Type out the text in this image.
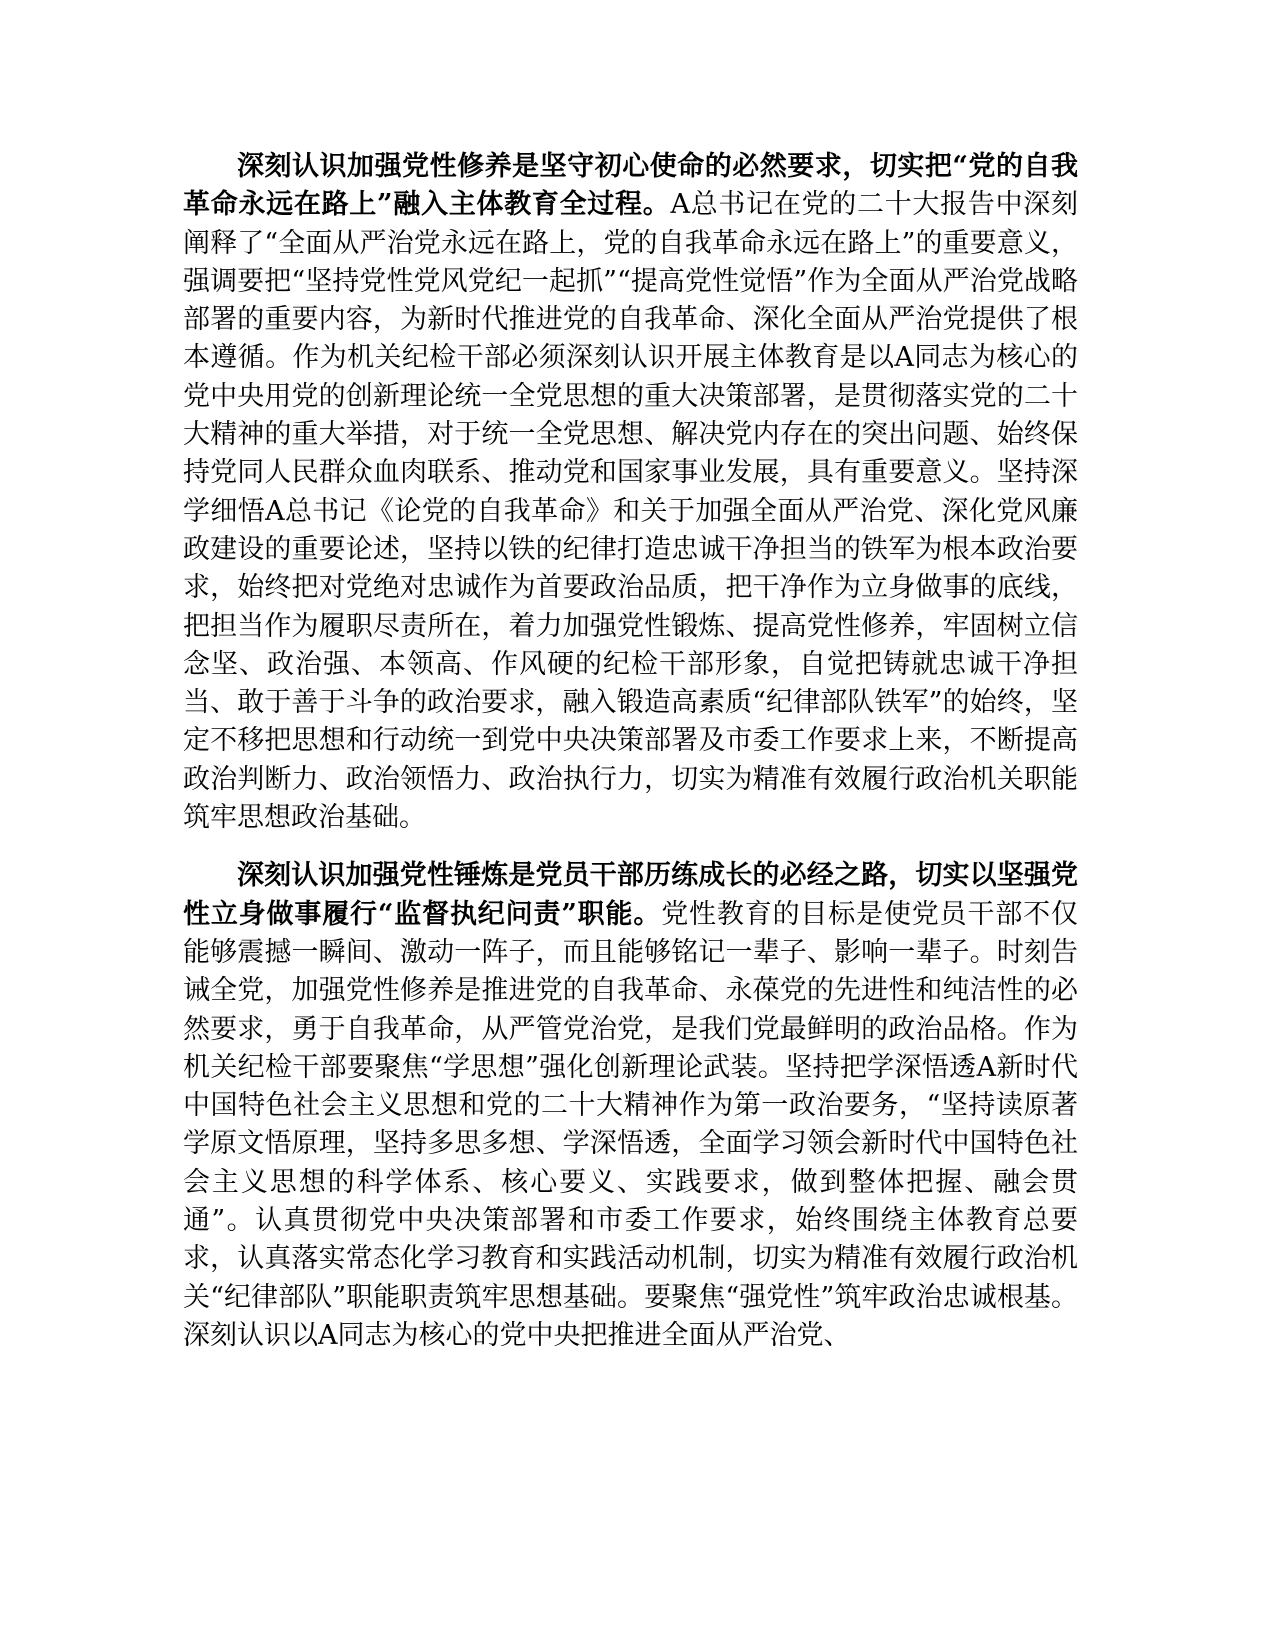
深刻认识加强党性修养是坚守初心使命的必然要求，切实把“党的自我革命永远在路上”融入主体教育全过程。A总书记在党的二十大报告中深刻阐释了“全面从严治党永远在路上，党的自我革命永远在路上”的重要意义，强调要把“坚持党性党风党纪一起抓”“提高党性觉悟”作为全面从严治党战略部署的重要内容，为新时代推进党的自我革命、深化全面从严治党提供了根本遵循。作为机关纪检干部必须深刻认识开展主体教育是以A同志为核心的党中央用党的创新理论统一全党思想的重大决策部署，是贯彻落实党的二十大精神的重大举措，对于统一全党思想、解决党内存在的突出问题、始终保持党同人民群众血肉联系、推动党和国家事业发展，具有重要意义。坚持深学细悟A总书记《论党的自我革命》和关于加强全面从严治党、深化党风廉政建设的重要论述，坚持以铁的纪律打造忠诚干净担当的铁军为根本政治要求，始终把对党绝对忠诚作为首要政治品质，把干净作为立身做事的底线，把担当作为履职尽责所在，着力加强党性锻炼、提高党性修养，牢固树立信念坚、政治强、本领高、作风硬的纪检干部形象，自觉把铸就忠诚干净担当、敢于善于斗争的政治要求，融入锻造高素质“纪律部队铁军”的始终，坚定不移把思想和行动统一到党中央决策部署及市委工作要求上来，不断提高政治判断力、政治领悟力、政治执行力，切实为精准有效履行政治机关职能筑牢思想政治基础。

深刻认识加强党性锤炼是党员干部历练成长的必经之路，切实以坚强党性立身做事履行“监督执纪问责”职能。党性教育的目标是使党员干部不仅能够震撼一瞬间、激动一阵子，而且能够铭记一辈子、影响一辈子。时刻告诫全党，加强党性修养是推进党的自我革命、永葆党的先进性和纯洁性的必然要求，勇于自我革命，从严管党治党，是我们党最鲜明的政治品格。作为机关纪检干部要聚焦“学思想”强化创新理论武装。坚持把学深悟透A新时代中国特色社会主义思想和党的二十大精神作为第一政治要务，“坚持读原著学原文悟原理，坚持多思多想、学深悟透，全面学习领会新时代中国特色社会主义思想的科学体系、核心要义、实践要求，做到整体把握、融会贯通”。认真贯彻党中央决策部署和市委工作要求，始终围绕主体教育总要求，认真落实常态化学习教育和实践活动机制，切实为精准有效履行政治机关“纪律部队”职能职责筑牢思想基础。要聚焦“强党性”筑牢政治忠诚根基。深刻认识以A同志为核心的党中央把推进全面从严治党、
